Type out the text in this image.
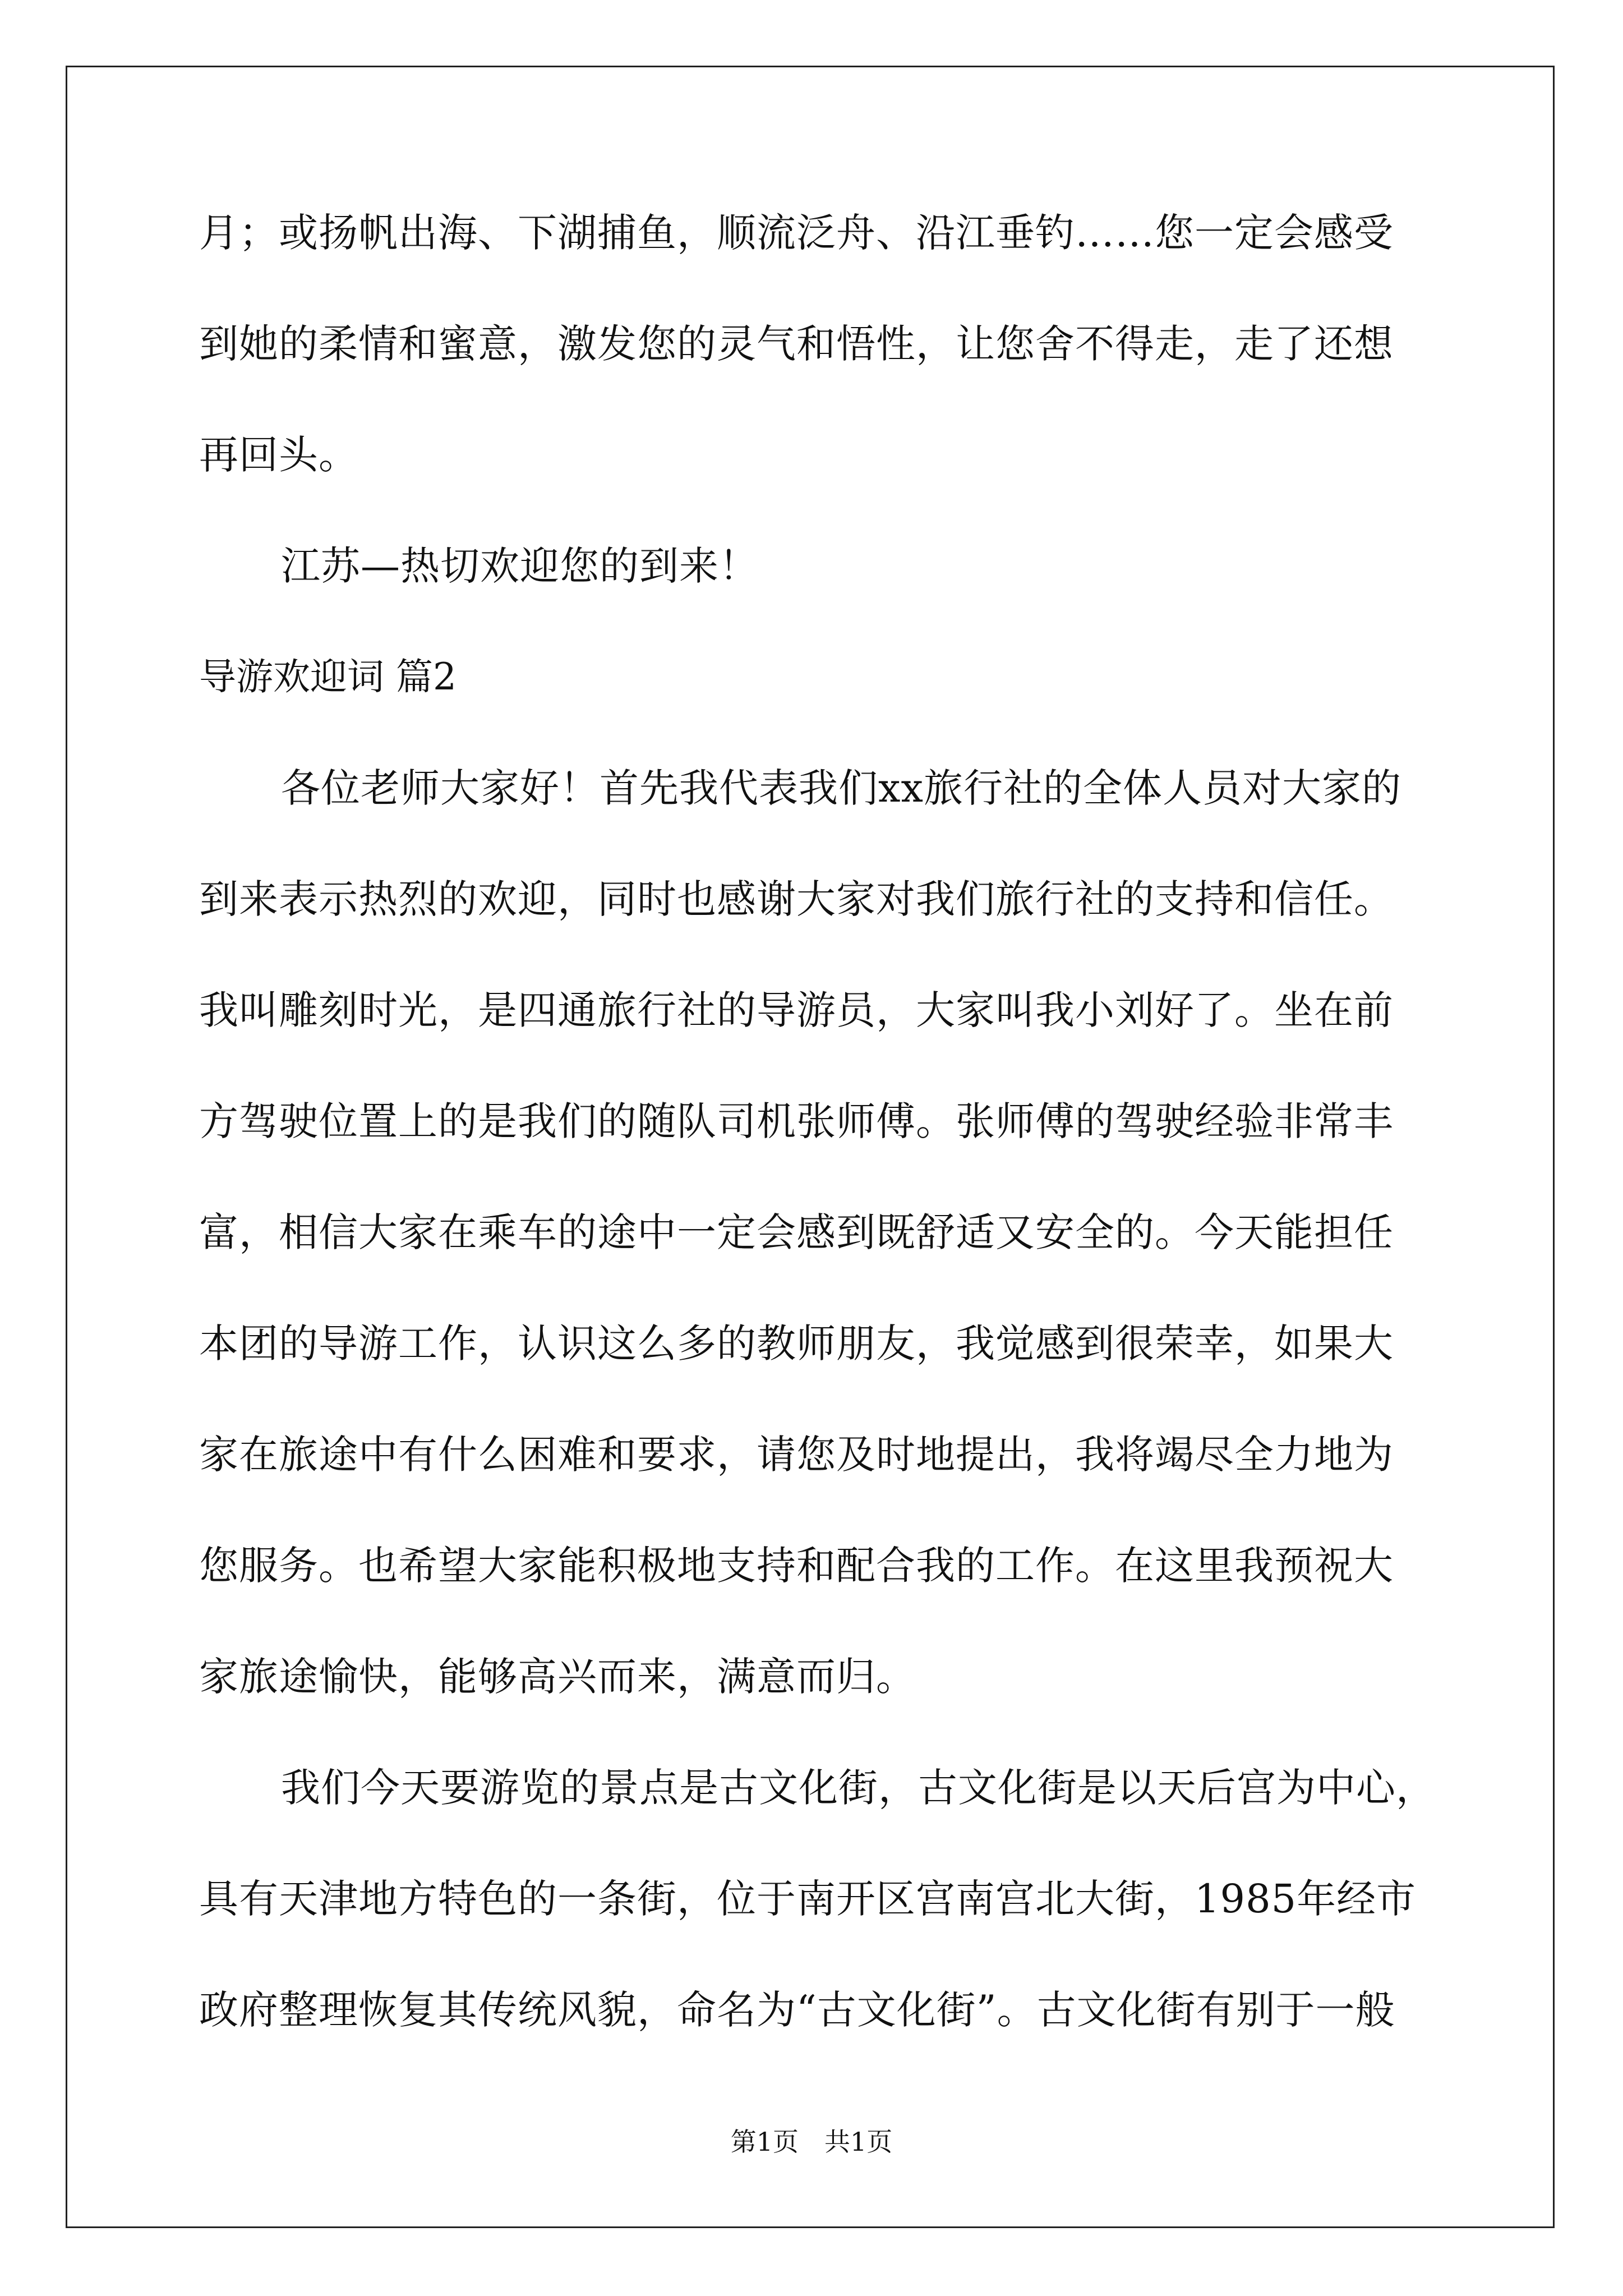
月；或扬帆出海、下湖捕鱼，顺流泛舟、沿江垂钓……您一定会感受
到她的柔情和蜜意，激发您的灵气和悟性，让您舍不得走，走了还想
再回头。
江苏—热切欢迎您的到来！
导游欢迎词 篇2
各位老师大家好！首先我代表我们xx旅行社的全体人员对大家的
到来表示热烈的欢迎，同时也感谢大家对我们旅行社的支持和信任。
我叫雕刻时光，是四通旅行社的导游员，大家叫我小刘好了。坐在前
方驾驶位置上的是我们的随队司机张师傅。张师傅的驾驶经验非常丰
富，相信大家在乘车的途中一定会感到既舒适又安全的。今天能担任
本团的导游工作，认识这么多的教师朋友，我觉感到很荣幸，如果大
家在旅途中有什么困难和要求，请您及时地提出，我将竭尽全力地为
您服务。也希望大家能积极地支持和配合我的工作。在这里我预祝大
家旅途愉快，能够高兴而来，满意而归。
我们今天要游览的景点是古文化街，古文化街是以天后宫为中心，
具有天津地方特色的一条街，位于南开区宫南宫北大街，1985年经市
政府整理恢复其传统风貌，命名为“古文化街”。古文化街有别于一般
第1页　共1页
